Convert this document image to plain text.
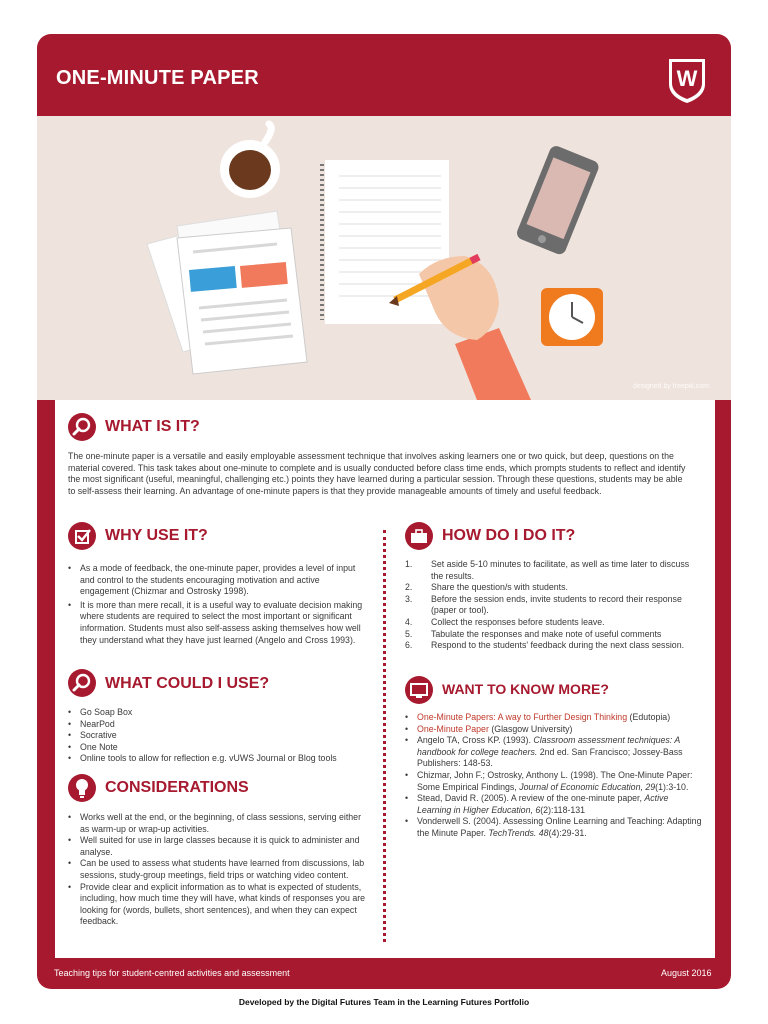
ONE-MINUTE PAPER	W
designed by freepik.com
WHAT IS IT?
The one-minute paper is a versatile and easily employable assessment technique that involves asking learners one or two quick, but deep, questions on the material covered. This task takes about one-minute to complete and is usually conducted before class time ends, which prompts students to reflect and identify the most significant (useful, meaningful, challenging etc.) points they have learned during a particular session. Through these questions, students may be able to self-assess their learning. An advantage of one-minute papers is that they provide manageable amounts of timely and useful feedback.
WHY USE IT?
• As a mode of feedback, the one-minute paper, provides a level of input and control to the students encouraging motivation and active engagement (Chizmar and Ostrosky 1998).
• It is more than mere recall, it is a useful way to evaluate decision making where students are required to select the most important or significant information. Students must also self-assess asking themselves how well they understand what they have just learned (Angelo and Cross 1993).
WHAT COULD I USE?
• Go Soap Box
• NearPod
• Socrative
• One Note
• Online tools to allow for reflection e.g. vUWS Journal or Blog tools
CONSIDERATIONS
• Works well at the end, or the beginning, of class sessions, serving either as warm-up or wrap-up activities.
• Well suited for use in large classes because it is quick to administer and analyse.
• Can be used to assess what students have learned from discussions, lab sessions, study-group meetings, field trips or watching video content.
• Provide clear and explicit information as to what is expected of students, including, how much time they will have, what kinds of responses you are looking for (words, bullets, short sentences), and when they can expect feedback.
HOW DO I DO IT?
1. Set aside 5-10 minutes to facilitate, as well as time later to discuss the results.
2. Share the question/s with students.
3. Before the session ends, invite students to record their response (paper or tool).
4. Collect the responses before students leave.
5. Tabulate the responses and make note of useful comments
6. Respond to the students' feedback during the next class session.
WANT TO KNOW MORE?
• One-Minute Papers: A way to Further Design Thinking (Edutopia)
• One-Minute Paper (Glasgow University)
• Angelo TA, Cross KP. (1993). Classroom assessment techniques: A handbook for college teachers. 2nd ed. San Francisco; Jossey-Bass Publishers: 148-53.
• Chizmar, John F.; Ostrosky, Anthony L. (1998). The One-Minute Paper: Some Empirical Findings, Journal of Economic Education, 29(1):3-10.
• Stead, David R. (2005). A review of the one-minute paper, Active Learning in Higher Education, 6(2):118-131
• Vonderwell S. (2004). Assessing Online Learning and Teaching: Adapting the Minute Paper. TechTrends. 48(4):29-31.
Teaching tips for student-centred activities and assessment	August 2016
Developed by the Digital Futures Team in the Learning Futures Portfolio
